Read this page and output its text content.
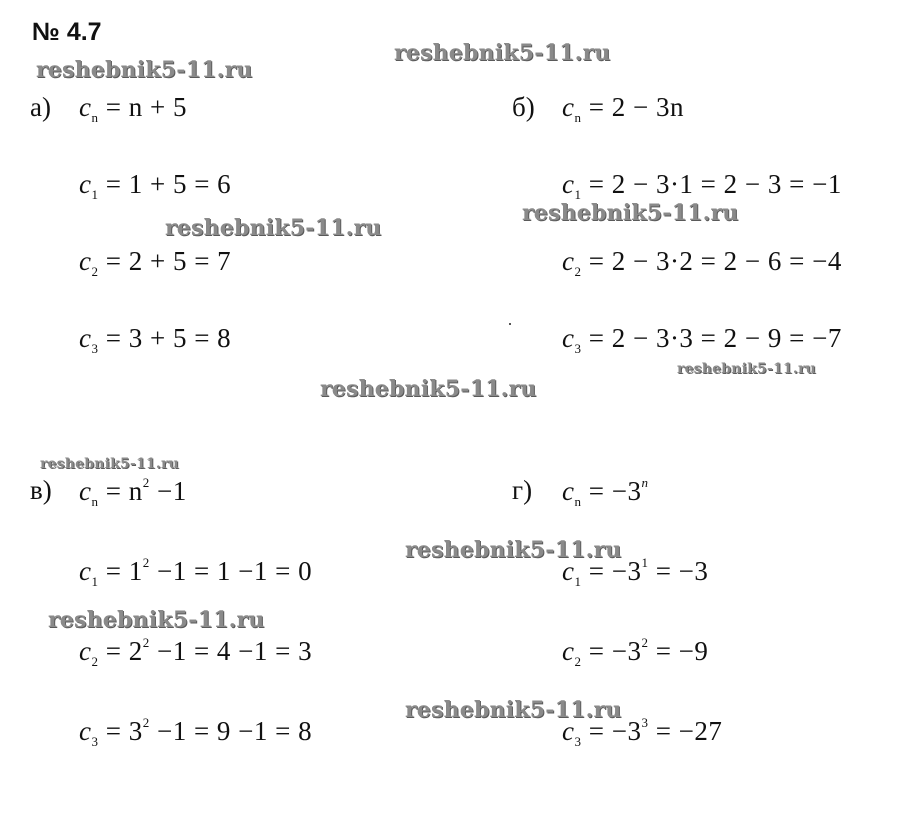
№ 4.7
reshebnik5-11.ru
reshebnik5-11.ru
reshebnik5-11.ru
reshebnik5-11.ru
reshebnik5-11.ru
reshebnik5-11.ru
reshebnik5-11.ru
reshebnik5-11.ru
reshebnik5-11.ru
reshebnik5-11.ru
а) $c_n = n + 5$
$c_1 = 1 + 5 = 6$
$c_2 = 2 + 5 = 7$
$c_3 = 3 + 5 = 8$
б) $c_n = 2 - 3n$
$c_1 = 2 - 3\cdot 1 = 2 - 3 = -1$
$c_2 = 2 - 3\cdot 2 = 2 - 6 = -4$
$c_3 = 2 - 3\cdot 3 = 2 - 9 = -7$
в) $c_n = n^2 -1$
$c_1 = 1^2 -1 = 1 -1 = 0$
$c_2 = 2^2 -1 = 4 -1 = 3$
$c_3 = 3^2 -1 = 9 -1 = 8$
г) $c_n = -3^n$
$c_1 = -3^1 = -3$
$c_2 = -3^2 = -9$
$c_3 = -3^3 = -27$
